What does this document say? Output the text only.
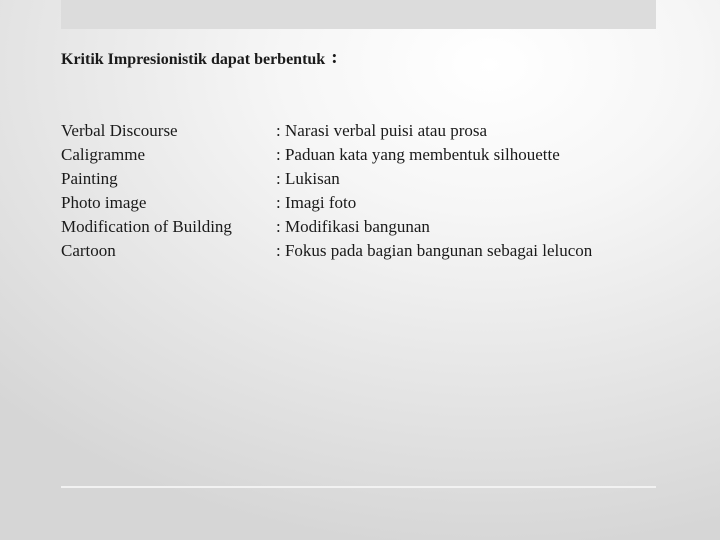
Kritik Impresionistik dapat berbentuk :
Verbal Discourse	: Narasi verbal puisi atau prosa
Caligramme	: Paduan kata yang membentuk silhouette
Painting	: Lukisan
Photo image	: Imagi foto
Modification of Building	: Modifikasi bangunan
Cartoon	: Fokus pada bagian bangunan sebagai lelucon
